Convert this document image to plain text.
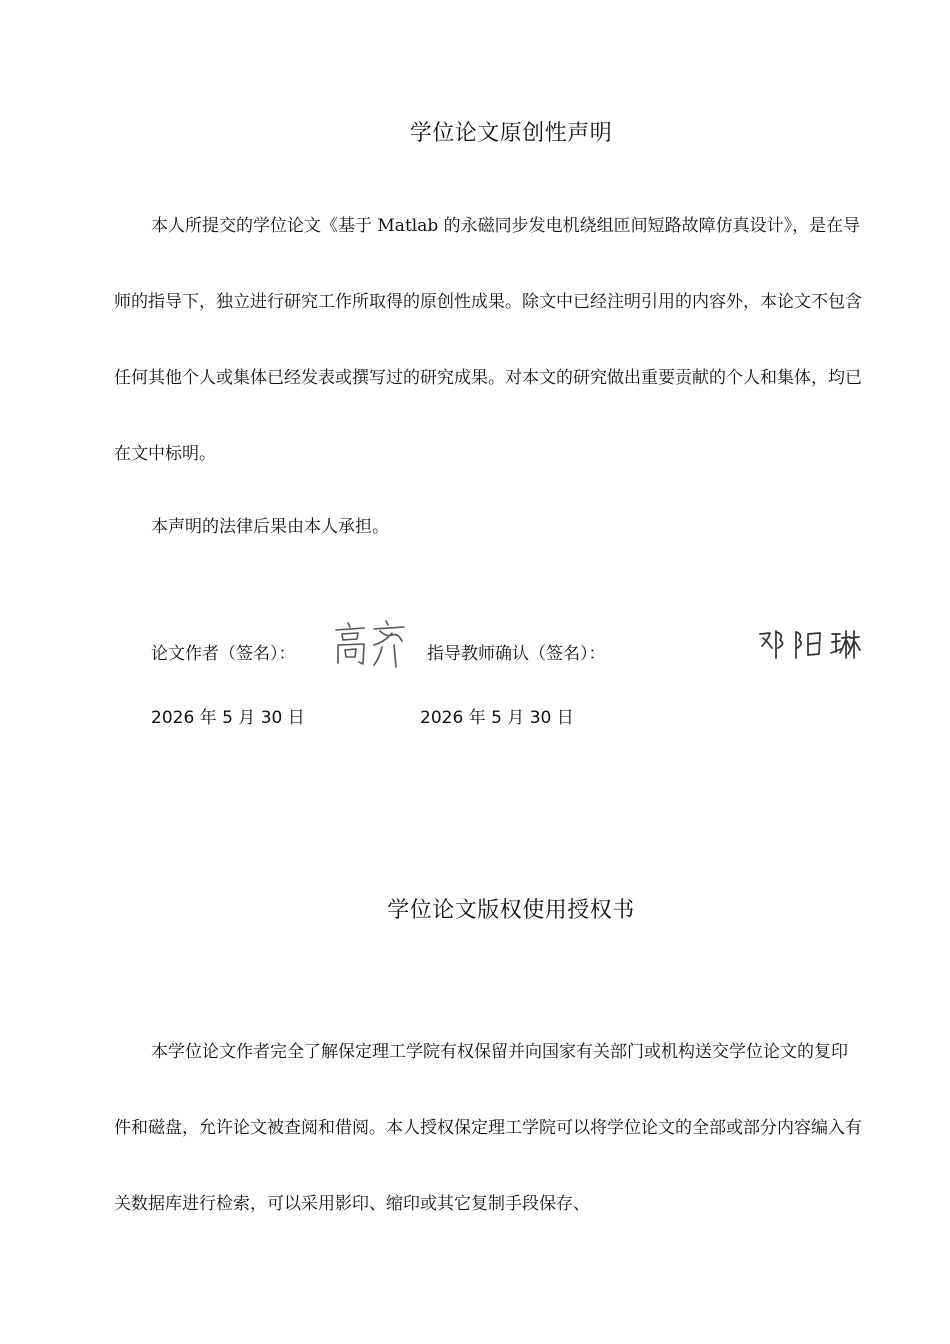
学位论文原创性声明

本人所提交的学位论文《基于 Matlab 的永磁同步发电机绕组匝间短路故障仿真设计》，是在导师的指导下，独立进行研究工作所取得的原创性成果。除文中已经注明引用的内容外，本论文不包含任何其他个人或集体已经发表或撰写过的研究成果。对本文的研究做出重要贡献的个人和集体，均已在文中标明。

本声明的法律后果由本人承担。
论文作者（签名）：	指导教师确认（签名）：
2026 年 5 月 30 日	2026 年 5 月 30 日
学位论文版权使用授权书

本学位论文作者完全了解保定理工学院有权保留并向国家有关部门或机构送交学位论文的复印件和磁盘，允许论文被查阅和借阅。本人授权保定理工学院可以将学位论文的全部或部分内容编入有关数据库进行检索，可以采用影印、缩印或其它复制手段保存、
